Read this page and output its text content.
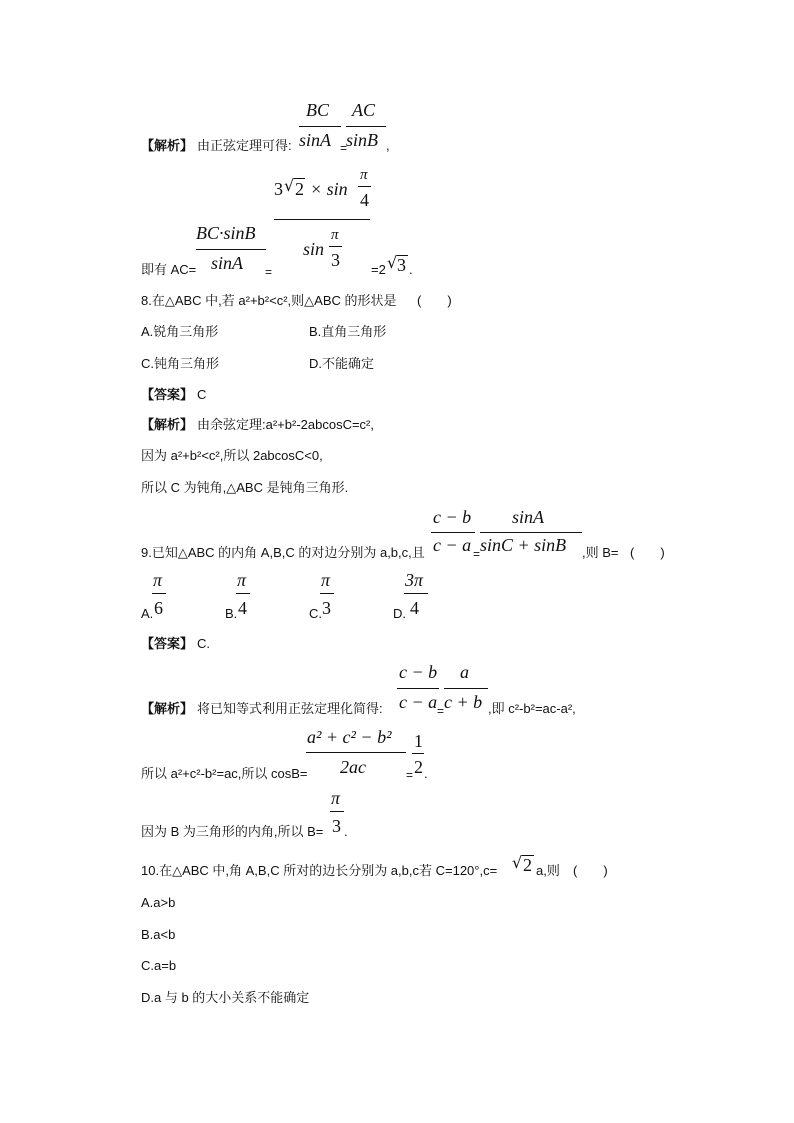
【解析】 由正弦定理可得:
BC
sinA =
AC
sinB ,
即有 AC=
BC·sinB
sinA =
3 √ 2 × sin
π
4
sin
π
3 =2 √ 3 .
8.在△ABC 中,若 a²+b²<c²,则△ABC 的形状是 (　　)
A.锐角三角形	B.直角三角形
C.钝角三角形	D.不能确定
【答案】 C
【解析】 由余弦定理:a²+b²-2abcosC=c²,
因为 a²+b²<c²,所以 2abcosC<0,
所以 C 为钝角,△ABC 是钝角三角形.
9.已知△ABC 的内角 A,B,C 的对边分别为 a,b,c,且
c − b
c − a =
sinA
sinC + sinB ,则 B= (　　)
A.
π
6	B.
π
4	C.
π
3	D.
3π
4
【答案】 C.
【解析】 将已知等式利用正弦定理化简得:
c − b
c − a =
a
c + b ,即 c²-b²=ac-a²,
所以 a²+c²-b²=ac,所以 cosB=
a² + c² − b²
2ac	=
1
2 .
因为 B 为三角形的内角,所以 B=
π
3 .
10.在△ABC 中,角 A,B,C 所对的边长分别为 a,b,c若 C=120°,c= √ 2 a,则 (　　)
A.a>b
B.a<b
C.a=b
D.a 与 b 的大小关系不能确定
